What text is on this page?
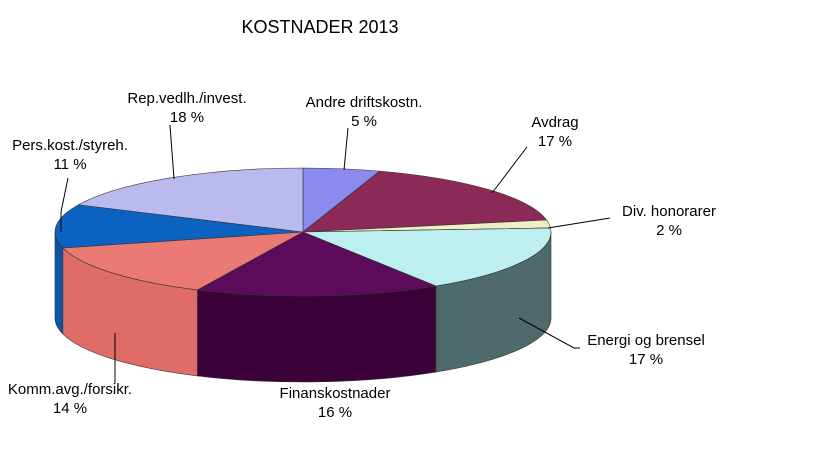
KOSTNADER 2013
Andre driftskostn. 5 %	Avdrag 17 %
Div. honorarer 2 %
Energi og brensel 17 %
Finanskostnader 16 %
Komm.avg./forsikr. 14 %
Pers.kost./styreh. 11 %
Rep.vedlh./invest. 18 %
